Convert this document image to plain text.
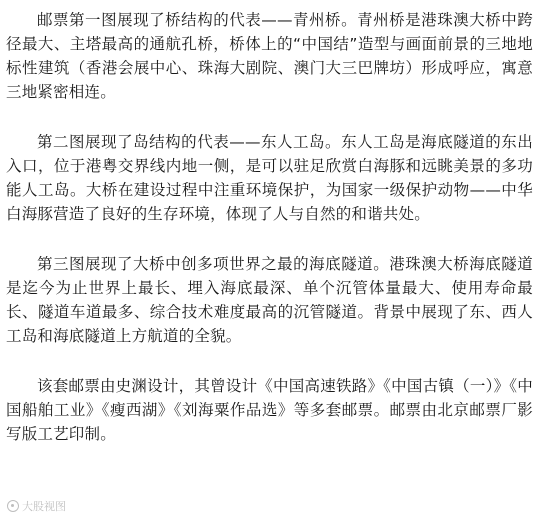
邮票第一图展现了桥结构的代表——青州桥。青州桥是港珠澳大桥中跨径最大、主塔最高的通航孔桥，桥体上的“中国结”造型与画面前景的三地地标性建筑（香港会展中心、珠海大剧院、澳门大三巴牌坊）形成呼应，寓意三地紧密相连。

第二图展现了岛结构的代表——东人工岛。东人工岛是海底隧道的东出入口，位于港粤交界线内地一侧，是可以驻足欣赏白海豚和远眺美景的多功能人工岛。大桥在建设过程中注重环境保护，为国家一级保护动物——中华白海豚营造了良好的生存环境，体现了人与自然的和谐共处。

第三图展现了大桥中创多项世界之最的海底隧道。港珠澳大桥海底隧道是迄今为止世界上最长、埋入海底最深、单个沉管体量最大、使用寿命最长、隧道车道最多、综合技术难度最高的沉管隧道。背景中展现了东、西人工岛和海底隧道上方航道的全貌。

该套邮票由史渊设计，其曾设计《中国高速铁路》《中国古镇（一）》《中国船舶工业》《瘦西湖》《刘海粟作品选》等多套邮票。邮票由北京邮票厂影写版工艺印制。

大股视图
